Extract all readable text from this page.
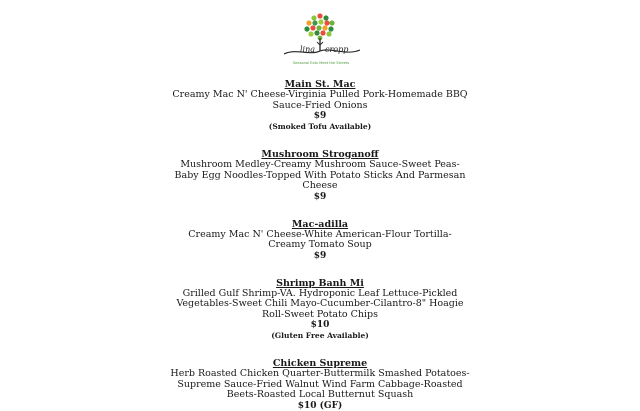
lina cropp
Seasonal Eats Meet the Streets
Main St. Mac
Creamy Mac N' Cheese-Virginia Pulled Pork-Homemade BBQ Sauce-Fried Onions
$9
(Smoked Tofu Available)
Mushroom Stroganoff
Mushroom Medley-Creamy Mushroom Sauce-Sweet Peas-Baby Egg Noodles-Topped With Potato Sticks And Parmesan Cheese
$9
Mac-adilla
Creamy Mac N' Cheese-White American-Flour Tortilla-Creamy Tomato Soup
$9
Shrimp Banh Mi
Grilled Gulf Shrimp-VA. Hydroponic Leaf Lettuce-Pickled Vegetables-Sweet Chili Mayo-Cucumber-Cilantro-8" Hoagie Roll-Sweet Potato Chips
$10
(Gluten Free Available)
Chicken Supreme
Herb Roasted Chicken Quarter-Buttermilk Smashed Potatoes-Supreme Sauce-Fried Walnut Wind Farm Cabbage-Roasted Beets-Roasted Local Butternut Squash
$10 (GF)
